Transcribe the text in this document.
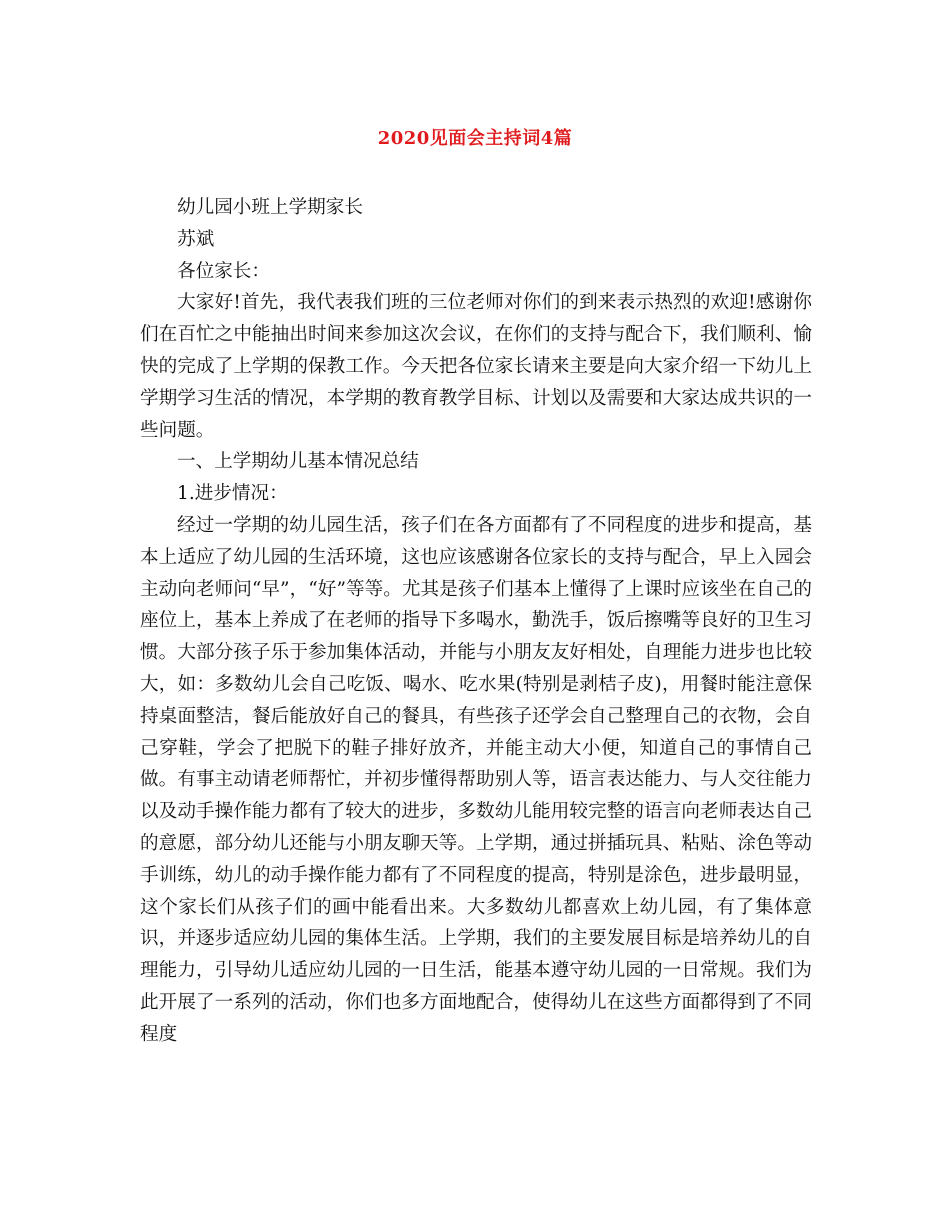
2020见面会主持词4篇

幼儿园小班上学期家长

苏斌

各位家长：

大家好!首先，我代表我们班的三位老师对你们的到来表示热烈的欢迎!感谢你们在百忙之中能抽出时间来参加这次会议，在你们的支持与配合下，我们顺利、愉快的完成了上学期的保教工作。今天把各位家长请来主要是向大家介绍一下幼儿上学期学习生活的情况，本学期的教育教学目标、计划以及需要和大家达成共识的一些问题。

一、上学期幼儿基本情况总结

1.进步情况：

经过一学期的幼儿园生活，孩子们在各方面都有了不同程度的进步和提高，基本上适应了幼儿园的生活环境，这也应该感谢各位家长的支持与配合，早上入园会主动向老师问“早”，“好”等等。尤其是孩子们基本上懂得了上课时应该坐在自己的座位上，基本上养成了在老师的指导下多喝水，勤洗手，饭后擦嘴等良好的卫生习惯。大部分孩子乐于参加集体活动，并能与小朋友友好相处，自理能力进步也比较大，如：多数幼儿会自己吃饭、喝水、吃水果(特别是剥桔子皮)，用餐时能注意保持桌面整洁，餐后能放好自己的餐具，有些孩子还学会自己整理自己的衣物，会自己穿鞋，学会了把脱下的鞋子排好放齐，并能主动大小便，知道自己的事情自己做。有事主动请老师帮忙，并初步懂得帮助别人等，语言表达能力、与人交往能力以及动手操作能力都有了较大的进步，多数幼儿能用较完整的语言向老师表达自己的意愿，部分幼儿还能与小朋友聊天等。上学期，通过拼插玩具、粘贴、涂色等动手训练，幼儿的动手操作能力都有了不同程度的提高，特别是涂色，进步最明显，这个家长们从孩子们的画中能看出来。大多数幼儿都喜欢上幼儿园，有了集体意识，并逐步适应幼儿园的集体生活。上学期，我们的主要发展目标是培养幼儿的自理能力，引导幼儿适应幼儿园的一日生活，能基本遵守幼儿园的一日常规。我们为此开展了一系列的活动，你们也多方面地配合，使得幼儿在这些方面都得到了不同程度
